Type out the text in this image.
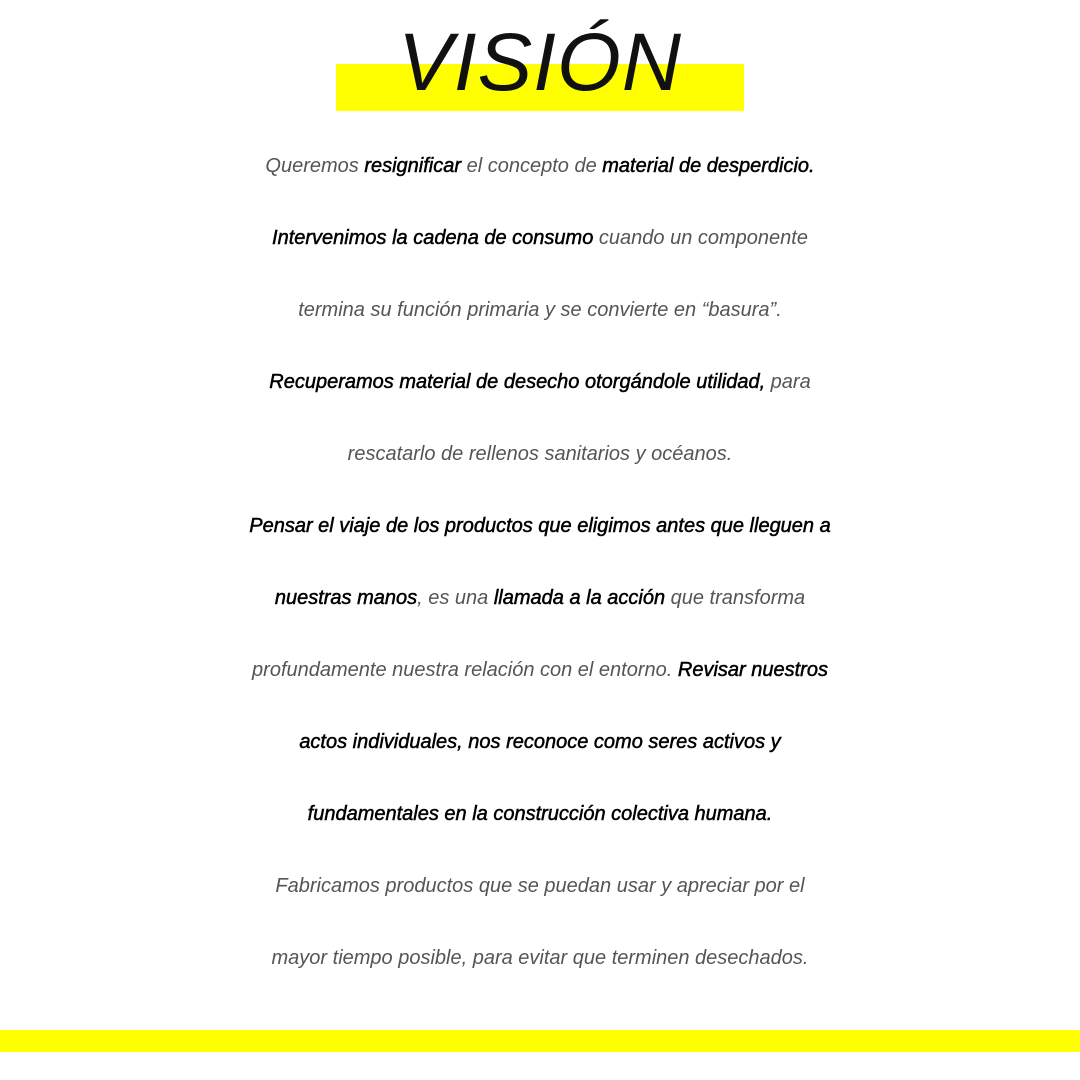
VISIÓN
Queremos resignificar el concepto de material de desperdicio.
Intervenimos la cadena de consumo cuando un componente
termina su función primaria y se convierte en “basura”.
Recuperamos material de desecho otorgándole utilidad, para
rescatarlo de rellenos sanitarios y océanos.
Pensar el viaje de los productos que eligimos antes que lleguen a
nuestras manos, es una llamada a la acción que transforma
profundamente nuestra relación con el entorno. Revisar nuestros
actos individuales, nos reconoce como seres activos y
fundamentales en la construcción colectiva humana.
Fabricamos productos que se puedan usar y apreciar por el
mayor tiempo posible, para evitar que terminen desechados.
